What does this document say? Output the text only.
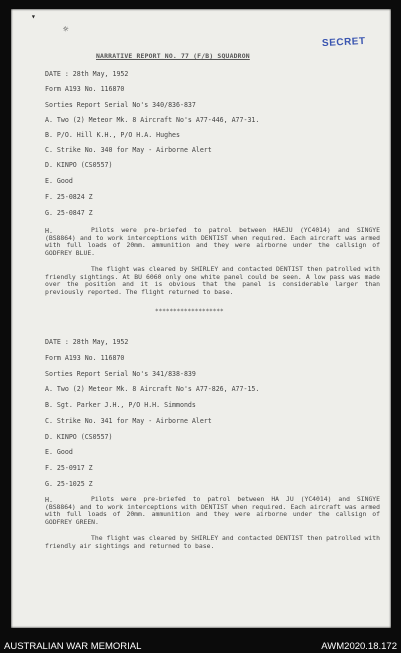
▾
☼
SECRET
NARRATIVE REPORT NO. 77 (F/B) SQUADRON
DATE : 28th May, 1952
Form A193 No. 116870
Sorties Report Serial No's 340/836-837
A. Two (2) Meteor Mk. 8 Aircraft No's A77-446, A77-31.
B. P/O. Hill K.H., P/O H.A. Hughes
C. Strike No. 340 for May - Airborne Alert
D. KINPO (CS0557)
E. Good
F. 25-0824 Z
G. 25-0847 Z
H.	Pilots were pre-briefed to patrol between HAEJU (YC4014) and SINGYE (BS8864) and to work interceptions with DENTIST when required. Each aircraft was armed with full loads of 20mm. ammunition and they were airborne under the callsign of GODFREY BLUE.
The flight was cleared by SHIRLEY and contacted DENTIST then patrolled with friendly sightings. At BU 6060 only one white panel could be seen. A low pass was made over the position and it is obvious that the panel is considerable larger than previously reported. The flight returned to base.
*******************
DATE : 28th May, 1952
Form A193 No. 116870
Sorties Report Serial No's 341/838-839
A. Two (2) Meteor Mk. 8 Aircraft No's A77-826, A77-15.
B. Sgt. Parker J.H., P/O H.H. Simmonds
C. Strike No. 341 for May - Airborne Alert
D. KINPO (CS0557)
E. Good
F. 25-0917 Z
G. 25-1025 Z
H.	Pilots were pre-briefed to patrol between HA JU (YC4014) and SINGYE (BS8864) and to work interceptions with DENTIST when required. Each aircraft was armed with full loads of 20mm. ammunition and they were airborne under the callsign of GODFREY GREEN.
The flight was cleared by SHIRLEY and contacted DENTIST then patrolled with friendly air sightings and returned to base.
AUSTRALIAN WAR MEMORIAL	AWM2020.18.172
